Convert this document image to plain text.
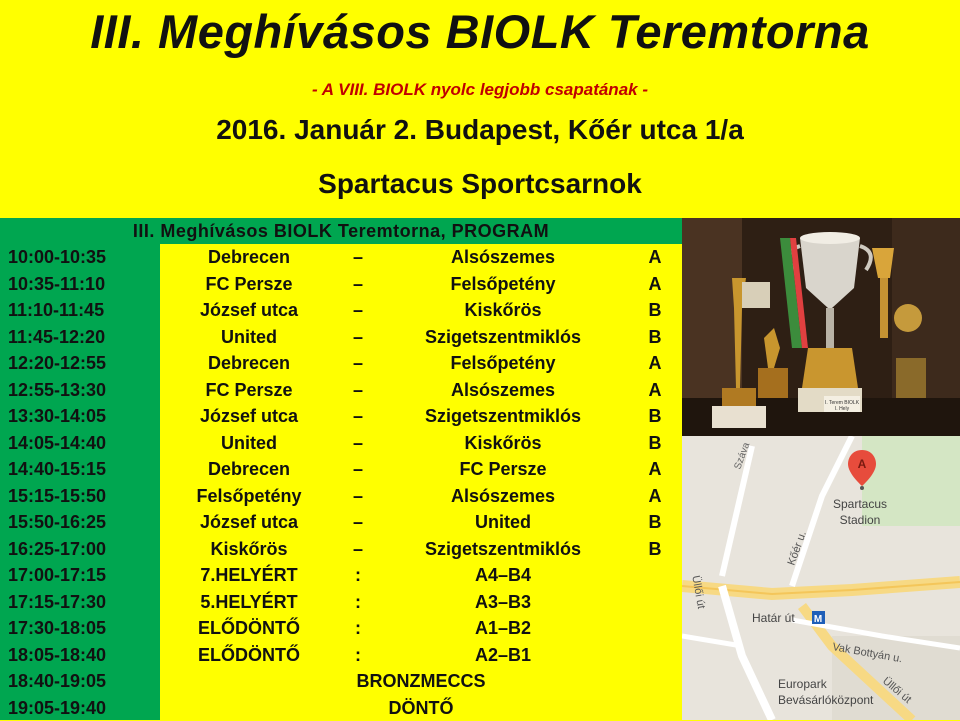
III. Meghívásos BIOLK Teremtorna
- A VIII. BIOLK nyolc legjobb csapatának -
2016. Január 2. Budapest, Kőér utca 1/a
Spartacus Sportcsarnok
III. Meghívásos BIOLK Teremtorna, PROGRAM
10:00-10:35	Debrecen	–	Alsószemes	A
10:35-11:10	FC Persze	–	Felsőpetény	A
11:10-11:45	József utca	–	Kiskőrös	B
11:45-12:20	United	–	Szigetszentmiklós	B
12:20-12:55	Debrecen	–	Felsőpetény	A
12:55-13:30	FC Persze	–	Alsószemes	A
13:30-14:05	József utca	–	Szigetszentmiklós	B
14:05-14:40	United	–	Kiskőrös	B
14:40-15:15	Debrecen	–	FC Persze	A
15:15-15:50	Felsőpetény	–	Alsószemes	A
15:50-16:25	József utca	–	United	B
16:25-17:00	Kiskőrös	–	Szigetszentmiklós	B
17:00-17:15	7.HELYÉRT	:	A4–B4
17:15-17:30	5.HELYÉRT	:	A3–B3
17:30-18:05	ELŐDÖNTŐ	:	A1–B2
18:05-18:40	ELŐDÖNTŐ	:	A2–B1
18:40-19:05	BRONZMECCS
19:05-19:40	DÖNTŐ
I. Terem BIOLK
I. Hely
A
Spartacus
Stadion
Száva
Kőér u.
Üllői út
Határ út M
Vak Bottyán u.
Üllői út
Europark
Bevásárlóközpont
